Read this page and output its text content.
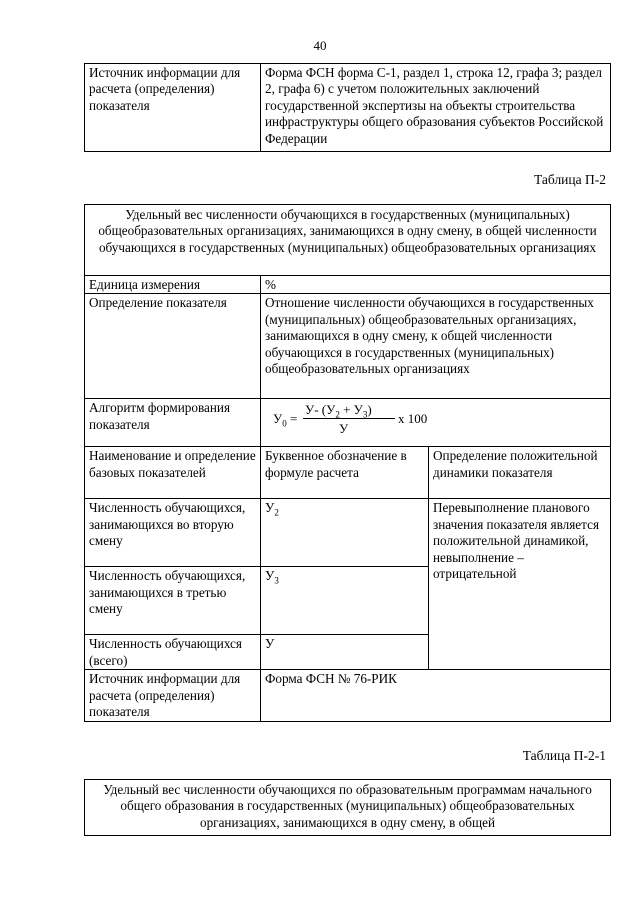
40
Источник информации для расчета (определения) показателя	Форма ФСН форма С-1, раздел 1, строка 12, графа 3; раздел 2, графа 6) с учетом положительных заключений государственной экспертизы на объекты строительства инфраструктуры общего образования субъектов Российской Федерации
Таблица П-2
Удельный вес численности обучающихся в государственных (муниципальных) общеобразовательных организациях, занимающихся в одну смену, в общей численности обучающихся в государственных (муниципальных) общеобразовательных организациях		
Единица измерения	%	
Определение показателя	Отношение численности обучающихся в государственных (муниципальных) общеобразовательных организациях, занимающихся в одну смену, к общей численности обучающихся в государственных (муниципальных) общеобразовательных организациях	
Алгоритм формирования показателя	$У_0$ =
У- $(У_2 + У_3)$
У
x 100	

Наименование и определение базовых показателей	Буквенное обозначение в формуле расчета	Определение положительной динамики показателя
Численность обучающихся, занимающихся во вторую смену	$У_2$	Перевыполнение планового значения показателя является положительной динамикой, невыполнение – отрицательной
Численность обучающихся, занимающихся в третью смену	$У_3$
Численность обучающихся (всего)	У	
Источник информации для расчета (определения) показателя	Форма ФСН № 76-РИК	
Таблица П-2-1
Удельный вес численности обучающихся по образовательным программам начального общего образования в государственных (муниципальных) общеобразовательных организациях, занимающихся в одну смену, в общей
